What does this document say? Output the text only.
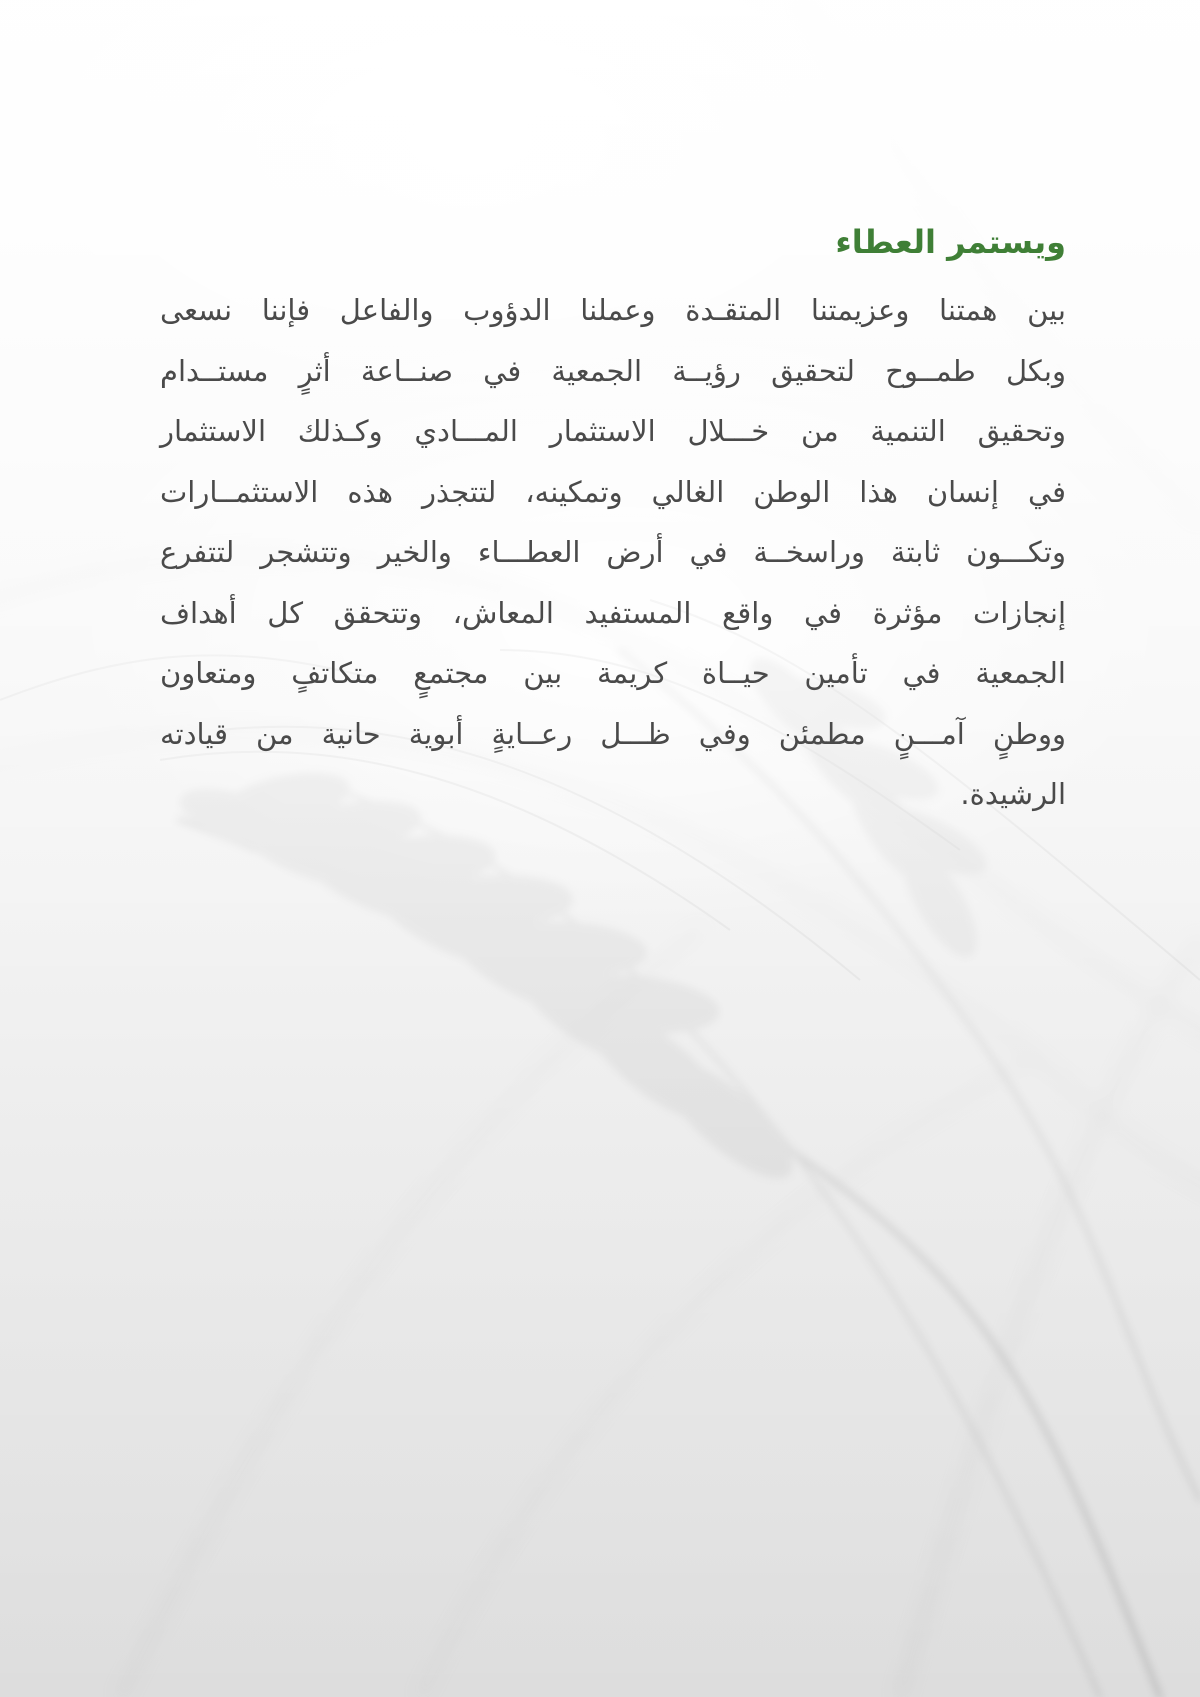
ويستمر العطاء
بين همتنا وعزيمتنا المتقـدة وعملنا الدؤوب والفاعل فإننا نسعى
وبكل طمــوح لتحقيق رؤيــة الجمعية في صنــاعة أثرٍ مستــدام
وتحقيق التنمية من خـــلال الاستثمار المـــادي وكـذلك الاستثمار
في إنسان هذا الوطن الغالي وتمكينه، لتتجذر هذه الاستثمــارات
وتكـــون ثابتة وراسخــة في أرض العطـــاء والخير وتتشجر لتتفرع
إنجازات مؤثرة في واقع المستفيد المعاش، وتتحقق كل أهداف
الجمعية في تأمين حيــاة كريمة بين مجتمعٍ متكاتفٍ ومتعاون
ووطنٍ آمـــنٍ مطمئن وفي ظـــل رعــايةٍ أبوية حانية من قيادته
الرشيدة.
